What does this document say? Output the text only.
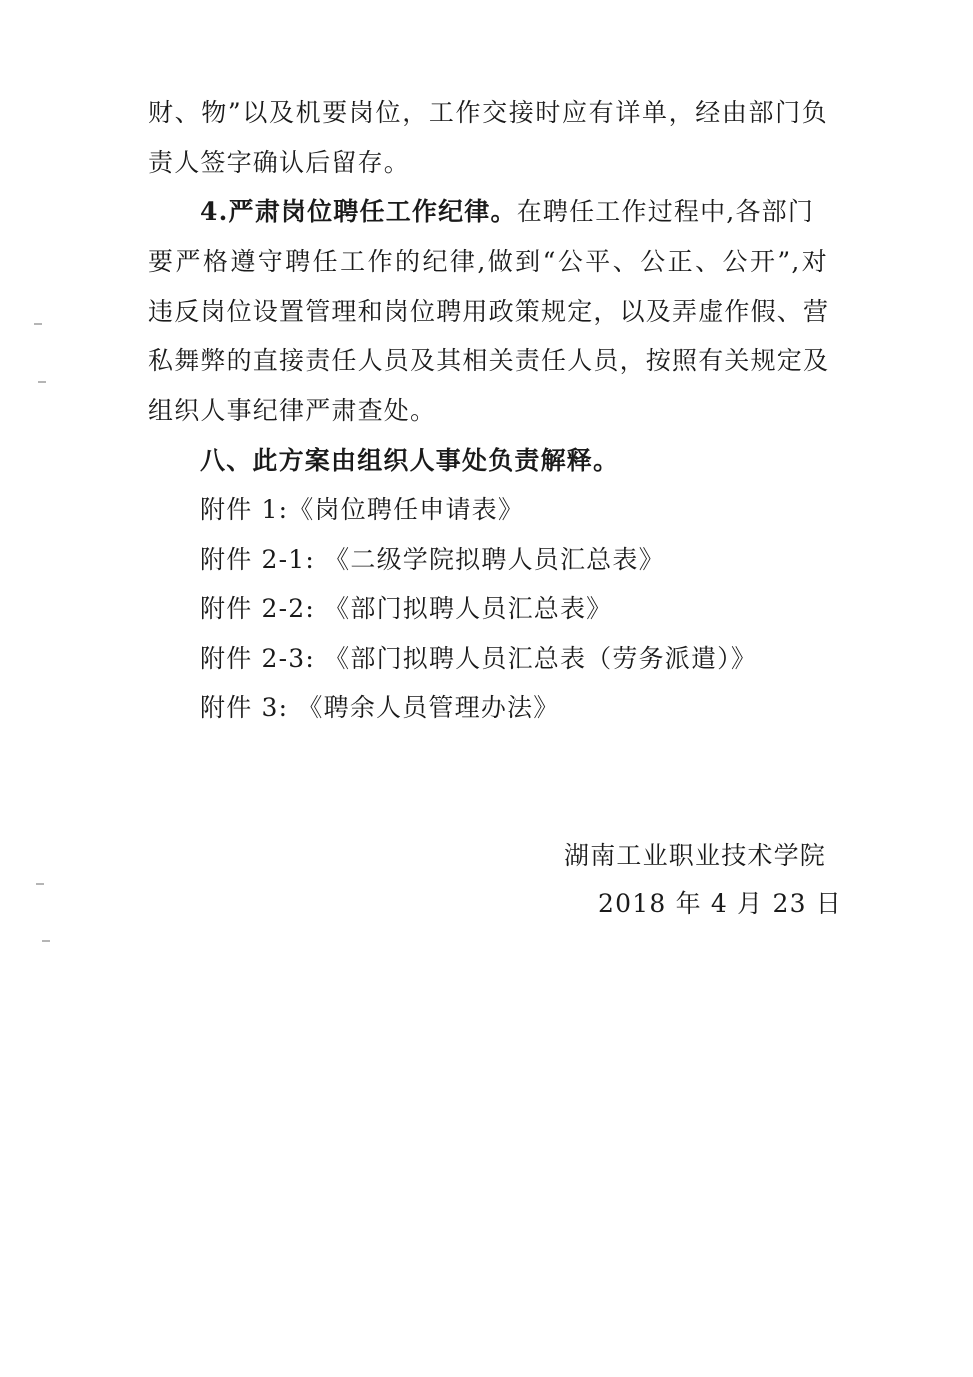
财、物”以及机要岗位，工作交接时应有详单，经由部门负
责人签字确认后留存。
4.严肃岗位聘任工作纪律。在聘任工作过程中,各部门
要严格遵守聘任工作的纪律,做到“公平、公正、公开”,对
违反岗位设置管理和岗位聘用政策规定，以及弄虚作假、营
私舞弊的直接责任人员及其相关责任人员，按照有关规定及
组织人事纪律严肃查处。
八、此方案由组织人事处负责解释。
附件 1:《岗位聘任申请表》
附件 2-1: 《二级学院拟聘人员汇总表》
附件 2-2: 《部门拟聘人员汇总表》
附件 2-3: 《部门拟聘人员汇总表（劳务派遣）》
附件 3: 《聘余人员管理办法》
湖南工业职业技术学院
2018 年 4 月 23 日
